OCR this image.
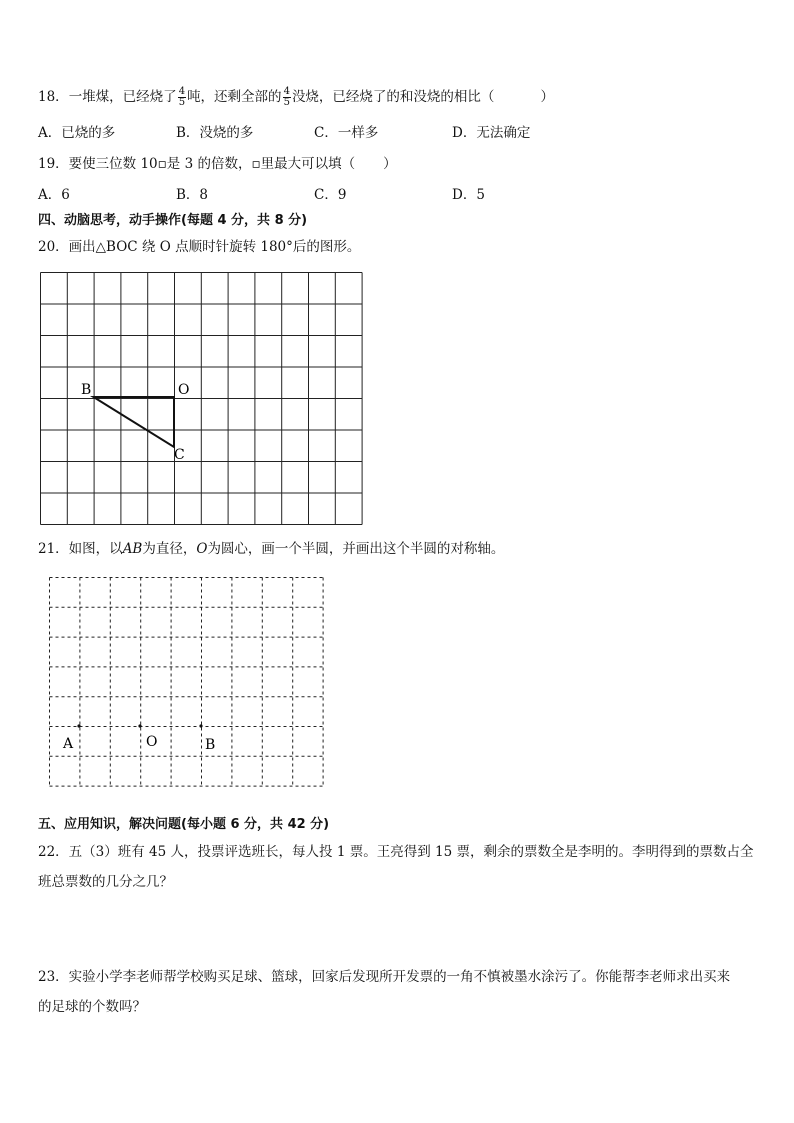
18．一堆煤，已经烧了 $\frac{4}{5}$ 吨，还剩全部的 $\frac{4}{5}$ 没烧，已经烧了的和没烧的相比（	）
A．已烧的多	B．没烧的多	C．一样多	D．无法确定
19．要使三位数 10▫是 3 的倍数，▫里最大可以填（ ）
A．6	B．8	C．9	D．5
四、动脑思考，动手操作(每题 4 分，共 8 分)
20．画出△BOC 绕 O 点顺时针旋转 180°后的图形。
B	O
C
21．如图，以AB为直径，O为圆心，画一个半圆，并画出这个半圆的对称轴。
A	O	B
五、应用知识，解决问题(每小题 6 分，共 42 分)
22．五（3）班有 45 人，投票评选班长，每人投 1 票。王亮得到 15 票，剩余的票数全是李明的。李明得到的票数占全
班总票数的几分之几？
23．实验小学李老师帮学校购买足球、篮球，回家后发现所开发票的一角不慎被墨水涂污了。你能帮李老师求出买来
的足球的个数吗？
